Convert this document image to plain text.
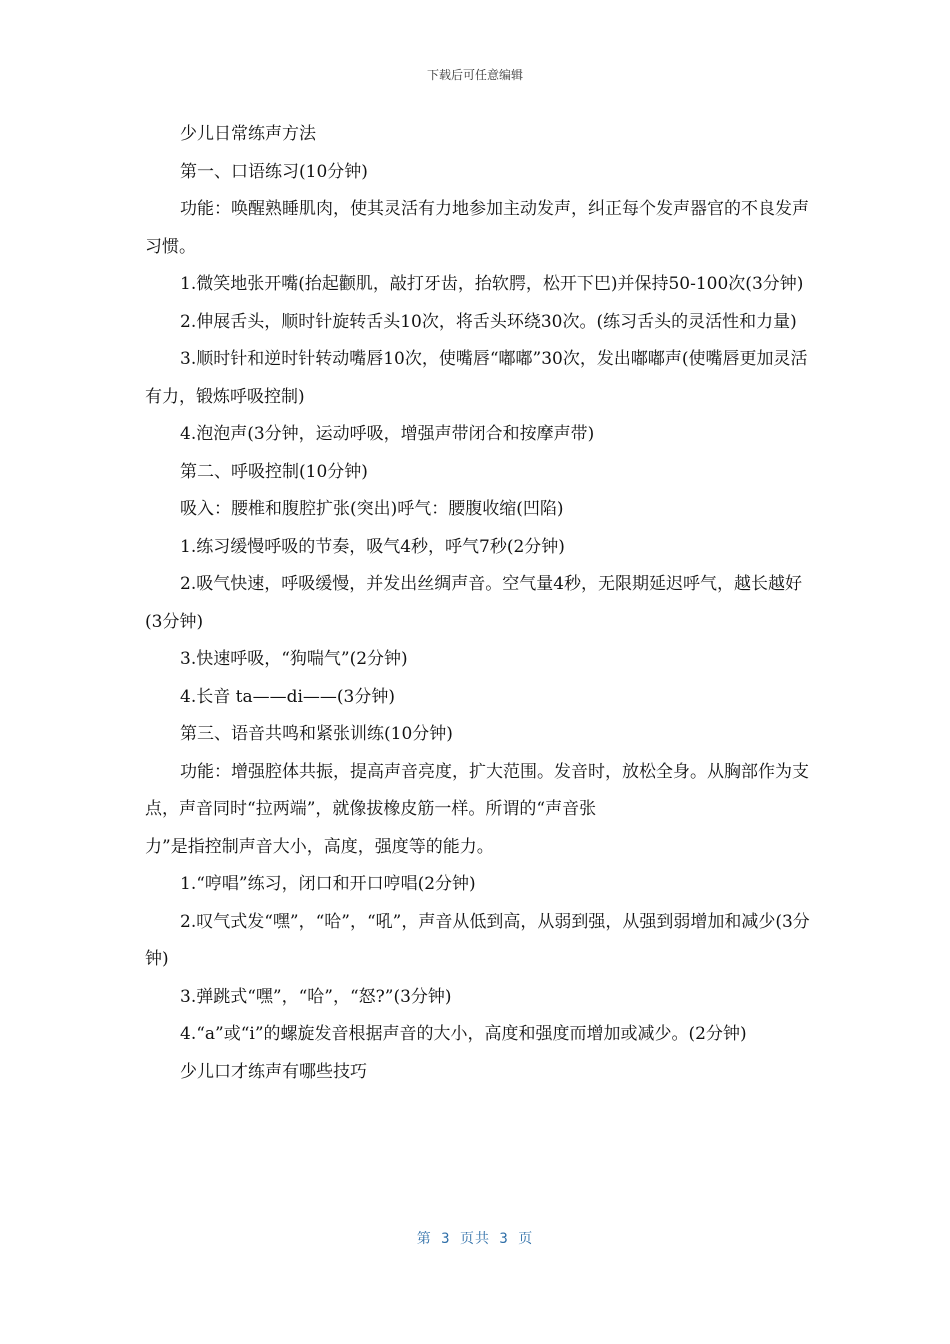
下载后可任意编辑

少儿日常练声方法

第一、口语练习(10分钟)

功能：唤醒熟睡肌肉，使其灵活有力地参加主动发声，纠正每个发声器官的不良发声习惯。

1.微笑地张开嘴(抬起颧肌，敲打牙齿，抬软腭，松开下巴)并保持50-100次(3分钟)

2.伸展舌头，顺时针旋转舌头10次，将舌头环绕30次。(练习舌头的灵活性和力量)

3.顺时针和逆时针转动嘴唇10次，使嘴唇“嘟嘟”30次，发出嘟嘟声(使嘴唇更加灵活有力，锻炼呼吸控制)

4.泡泡声(3分钟，运动呼吸，增强声带闭合和按摩声带)

第二、呼吸控制(10分钟)

吸入：腰椎和腹腔扩张(突出)呼气：腰腹收缩(凹陷)

1.练习缓慢呼吸的节奏，吸气4秒，呼气7秒(2分钟)

2.吸气快速，呼吸缓慢，并发出丝绸声音。空气量4秒，无限期延迟呼气，越长越好 (3分钟)

3.快速呼吸，“狗喘气”(2分钟)

4.长音 ta——di——(3分钟)

第三、语音共鸣和紧张训练(10分钟)

功能：增强腔体共振，提高声音亮度，扩大范围。发音时，放松全身。从胸部作为支点，声音同时“拉两端”，就像拔橡皮筋一样。所谓的“声音张

力”是指控制声音大小，高度，强度等的能力。

1.“哼唱”练习，闭口和开口哼唱(2分钟)

2.叹气式发“嘿”，“哈”，“吼”，声音从低到高，从弱到强，从强到弱增加和减少(3分钟)

3.弹跳式“嘿”，“哈”，“怒?”(3分钟)

4.“a”或“i”的螺旋发音根据声音的大小，高度和强度而增加或减少。(2分钟)

少儿口才练声有哪些技巧

第 3 页共 3 页
